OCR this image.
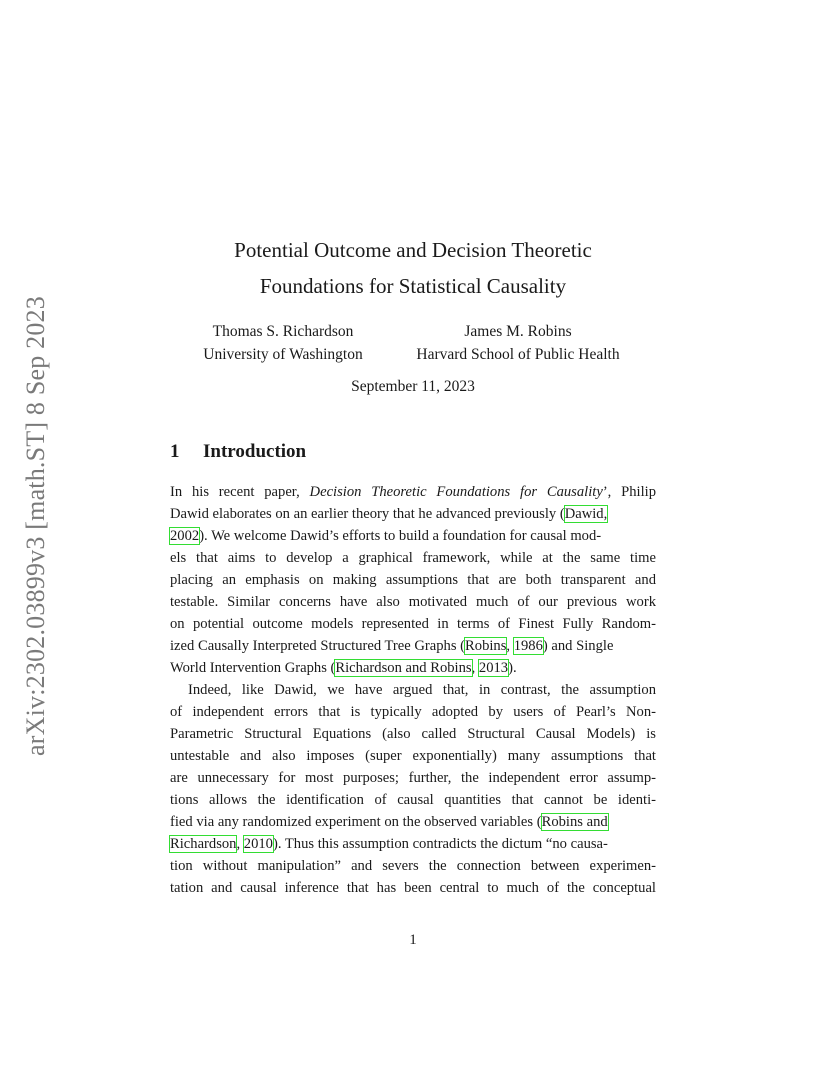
arXiv:2302.03899v3 [math.ST] 8 Sep 2023
Potential Outcome and Decision Theoretic
Foundations for Statistical Causality
Thomas S. Richardson
University of Washington
James M. Robins
Harvard School of Public Health
September 11, 2023
1 Introduction
In his recent paper, Decision Theoretic Foundations for Causality’, Philip
Dawid elaborates on an earlier theory that he advanced previously (Dawid,
2002). We welcome Dawid’s efforts to build a foundation for causal mod-
els that aims to develop a graphical framework, while at the same time
placing an emphasis on making assumptions that are both transparent and
testable. Similar concerns have also motivated much of our previous work
on potential outcome models represented in terms of Finest Fully Random-
ized Causally Interpreted Structured Tree Graphs (Robins, 1986) and Single
World Intervention Graphs (Richardson and Robins, 2013).
Indeed, like Dawid, we have argued that, in contrast, the assumption
of independent errors that is typically adopted by users of Pearl’s Non-
Parametric Structural Equations (also called Structural Causal Models) is
untestable and also imposes (super exponentially) many assumptions that
are unnecessary for most purposes; further, the independent error assump-
tions allows the identification of causal quantities that cannot be identi-
fied via any randomized experiment on the observed variables (Robins and
Richardson, 2010). Thus this assumption contradicts the dictum “no causa-
tion without manipulation” and severs the connection between experimen-
tation and causal inference that has been central to much of the conceptual
1
